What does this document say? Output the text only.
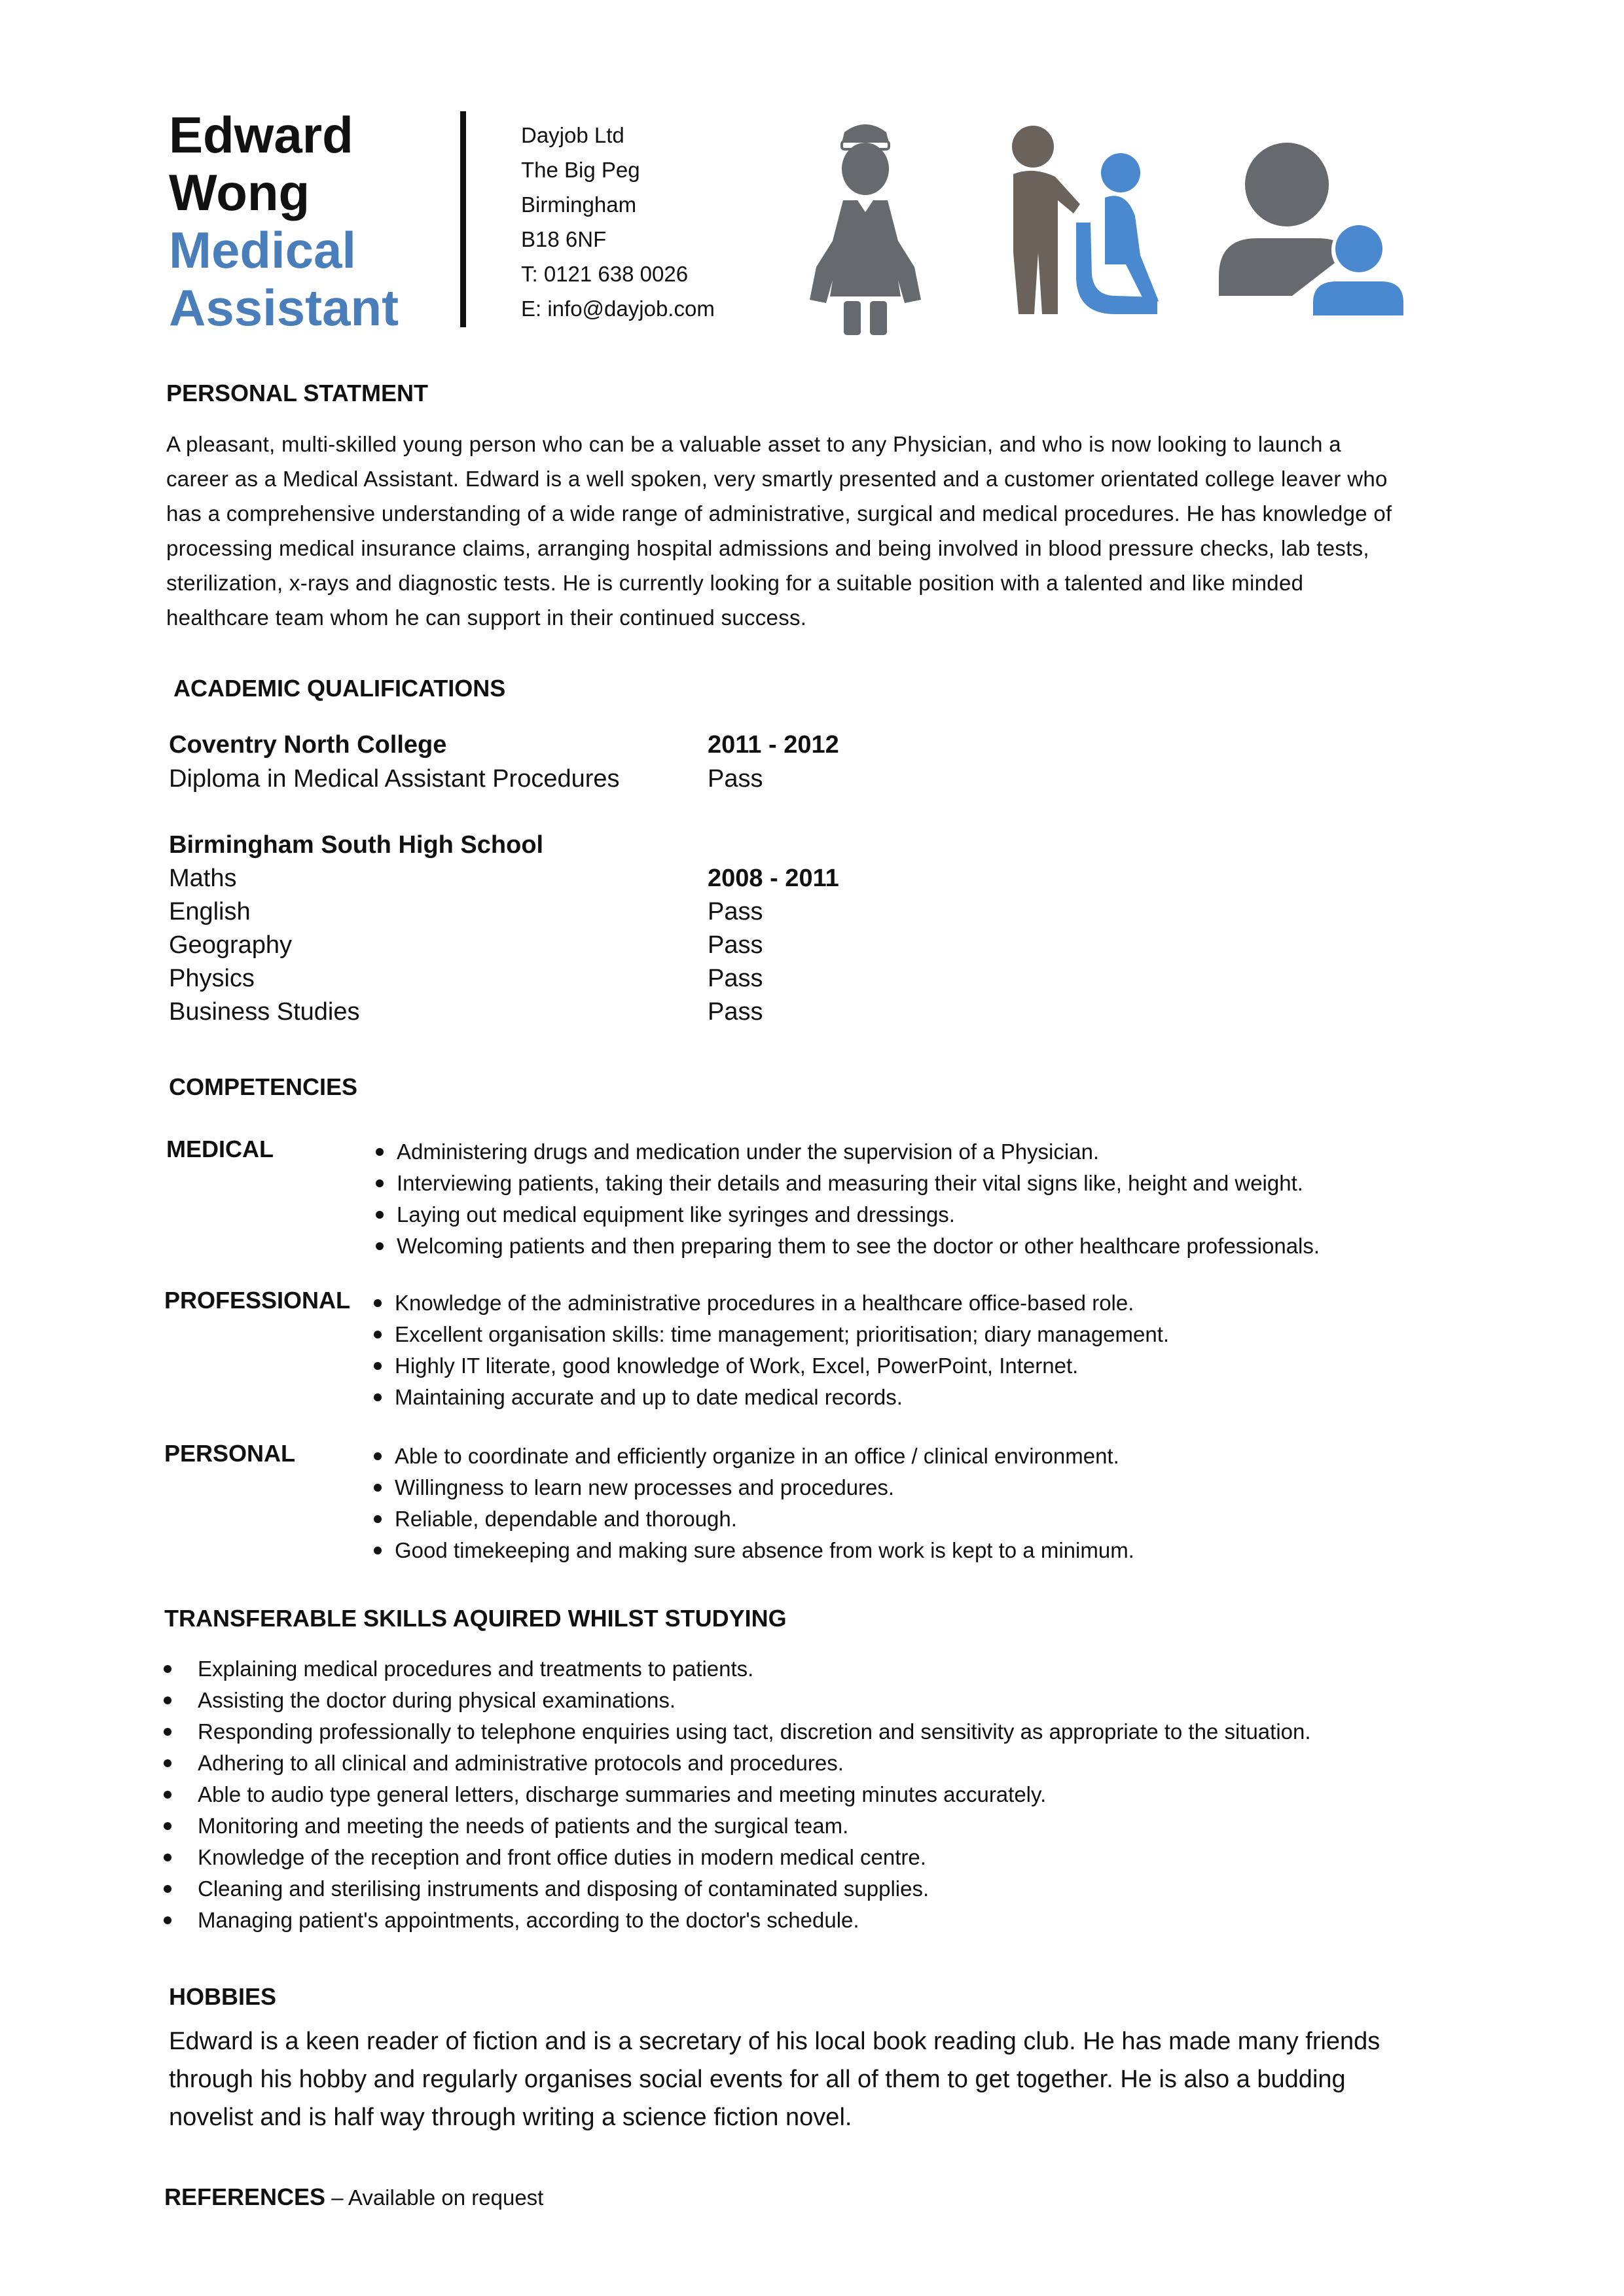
Edward
Wong
Medical
Assistant
Dayjob Ltd
The Big Peg
Birmingham
B18 6NF
T: 0121 638 0026
E: info@dayjob.com
PERSONAL STATMENT
A pleasant, multi-skilled young person who can be a valuable asset to any Physician, and who is now looking to launch a
career as a Medical Assistant. Edward is a well spoken, very smartly presented and a customer orientated college leaver who
has a comprehensive understanding of a wide range of administrative, surgical and medical procedures. He has knowledge of
processing medical insurance claims, arranging hospital admissions and being involved in blood pressure checks, lab tests,
sterilization, x-rays and diagnostic tests. He is currently looking for a suitable position with a talented and like minded
healthcare team whom he can support in their continued success.
ACADEMIC QUALIFICATIONS
Coventry North College	2011 - 2012
Diploma in Medical Assistant Procedures	Pass
Birmingham South High School
Maths	2008 - 2011
English	Pass
Geography	Pass
Physics	Pass
Business Studies	Pass
COMPETENCIES
MEDICAL	Administering drugs and medication under the supervision of a Physician.
Interviewing patients, taking their details and measuring their vital signs like, height and weight.
Laying out medical equipment like syringes and dressings.
Welcoming patients and then preparing them to see the doctor or other healthcare professionals.
PROFESSIONAL	Knowledge of the administrative procedures in a healthcare office-based role.
Excellent organisation skills: time management; prioritisation; diary management.
Highly IT literate, good knowledge of Work, Excel, PowerPoint, Internet.
Maintaining accurate and up to date medical records.
PERSONAL	Able to coordinate and efficiently organize in an office / clinical environment.
Willingness to learn new processes and procedures.
Reliable, dependable and thorough.
Good timekeeping and making sure absence from work is kept to a minimum.
TRANSFERABLE SKILLS AQUIRED WHILST STUDYING
Explaining medical procedures and treatments to patients.
Assisting the doctor during physical examinations.
Responding professionally to telephone enquiries using tact, discretion and sensitivity as appropriate to the situation.
Adhering to all clinical and administrative protocols and procedures.
Able to audio type general letters, discharge summaries and meeting minutes accurately.
Monitoring and meeting the needs of patients and the surgical team.
Knowledge of the reception and front office duties in modern medical centre.
Cleaning and sterilising instruments and disposing of contaminated supplies.
Managing patient's appointments, according to the doctor's schedule.
HOBBIES
Edward is a keen reader of fiction and is a secretary of his local book reading club. He has made many friends
through his hobby and regularly organises social events for all of them to get together. He is also a budding
novelist and is half way through writing a science fiction novel.
REFERENCES – Available on request
